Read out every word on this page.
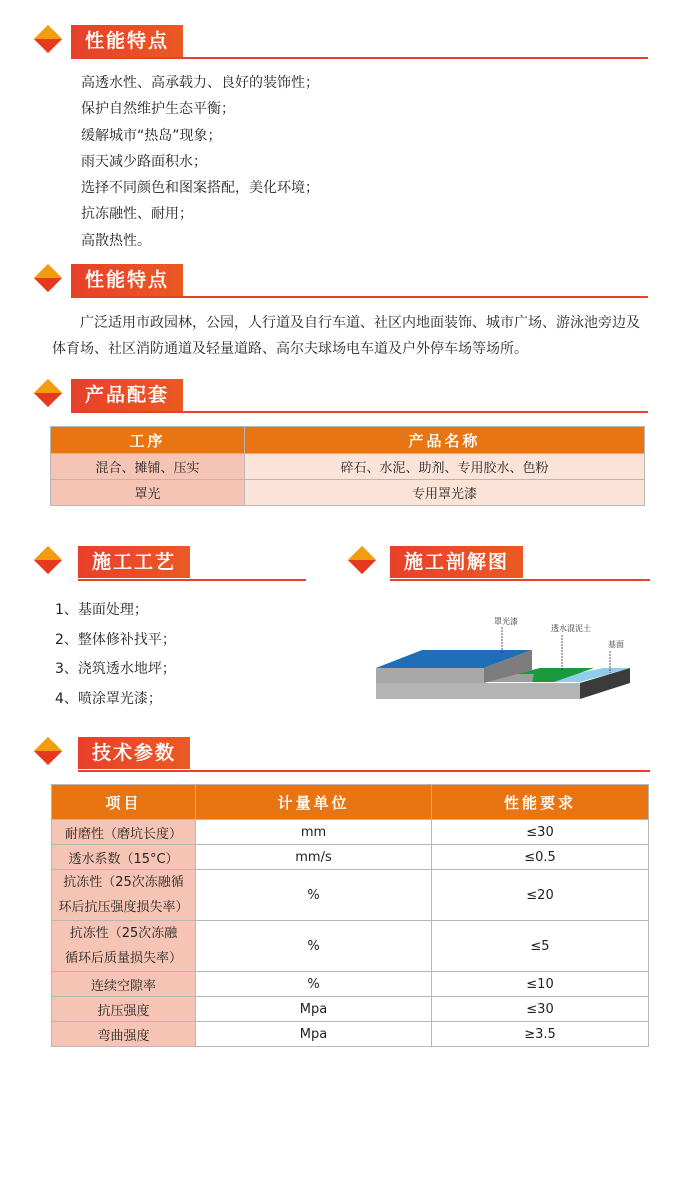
性能特点
高透水性、高承载力、良好的装饰性；
保护自然维护生态平衡；
缓解城市“热岛”现象；
雨天减少路面积水；
选择不同颜色和图案搭配，美化环境；
抗冻融性、耐用；
高散热性。
性能特点
广泛适用市政园林，公园，人行道及自行车道、社区内地面装饰、城市广场、游泳池旁边及体育场、社区消防通道及轻量道路、高尔夫球场电车道及户外停车场等场所。
产品配套
工序	产品名称
混合、摊铺、压实	碎石、水泥、助剂、专用胶水、色粉
罩光	专用罩光漆
施工工艺
1、基面处理；
2、整体修补找平；
3、浇筑透水地坪；
4、喷涂罩光漆；
施工剖解图
罩光漆
透水混泥土
基面
技术参数
项目	计量单位	性能要求
耐磨性（磨坑长度）	mm	≤30
透水系数（15°C）	mm/s	≤0.5
抗冻性（25次冻融循
环后抗压强度损失率）	%	≤20
抗冻性（25次冻融
循环后质量损失率）	%	≤5
连续空隙率	%	≤10
抗压强度	Mpa	≤30
弯曲强度	Mpa	≥3.5
